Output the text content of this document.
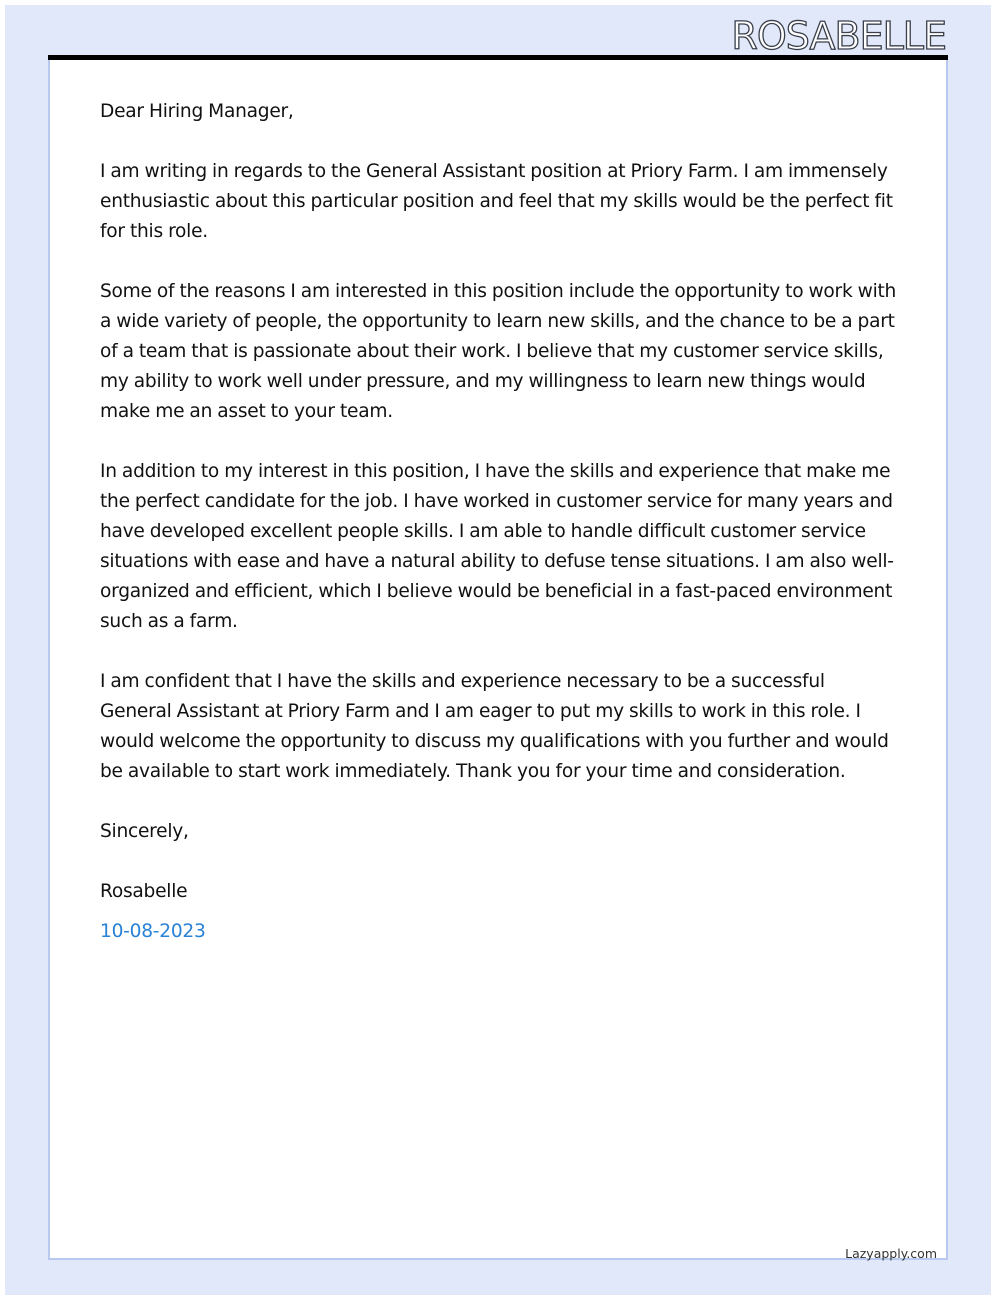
ROSABELLE

Dear Hiring Manager,

I am writing in regards to the General Assistant position at Priory Farm. I am immensely enthusiastic about this particular position and feel that my skills would be the perfect fit for this role.

Some of the reasons I am interested in this position include the opportunity to work with a wide variety of people, the opportunity to learn new skills, and the chance to be a part of a team that is passionate about their work. I believe that my customer service skills, my ability to work well under pressure, and my willingness to learn new things would make me an asset to your team.

In addition to my interest in this position, I have the skills and experience that make me the perfect candidate for the job. I have worked in customer service for many years and have developed excellent people skills. I am able to handle difficult customer service situations with ease and have a natural ability to defuse tense situations. I am also well-organized and efficient, which I believe would be beneficial in a fast-paced environment such as a farm.

I am confident that I have the skills and experience necessary to be a successful General Assistant at Priory Farm and I am eager to put my skills to work in this role. I would welcome the opportunity to discuss my qualifications with you further and would be available to start work immediately. Thank you for your time and consideration.

Sincerely,

Rosabelle

10-08-2023

Lazyapply.com
